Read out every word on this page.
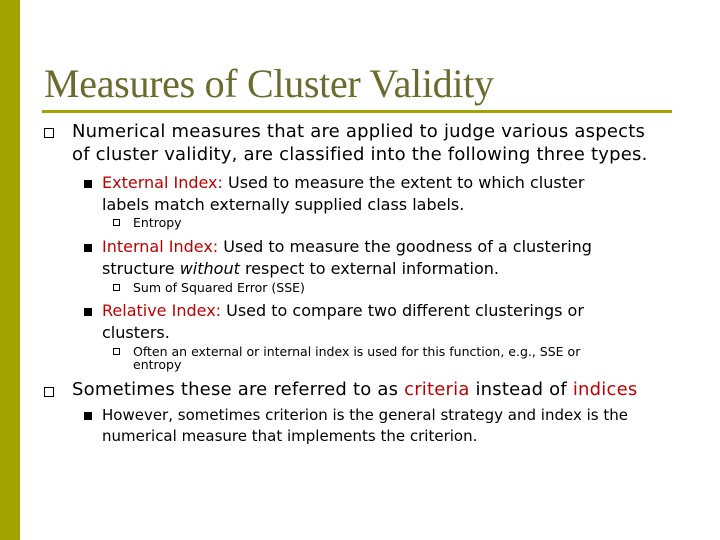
Measures of Cluster Validity
Numerical measures that are applied to judge various aspects
of cluster validity, are classified into the following three types.
External Index: Used to measure the extent to which cluster
labels match externally supplied class labels.
Entropy
Internal Index: Used to measure the goodness of a clustering
structure without respect to external information.
Sum of Squared Error (SSE)
Relative Index: Used to compare two different clusterings or
clusters.
Often an external or internal index is used for this function, e.g., SSE or
entropy
Sometimes these are referred to as criteria instead of indices
However, sometimes criterion is the general strategy and index is the
numerical measure that implements the criterion.
